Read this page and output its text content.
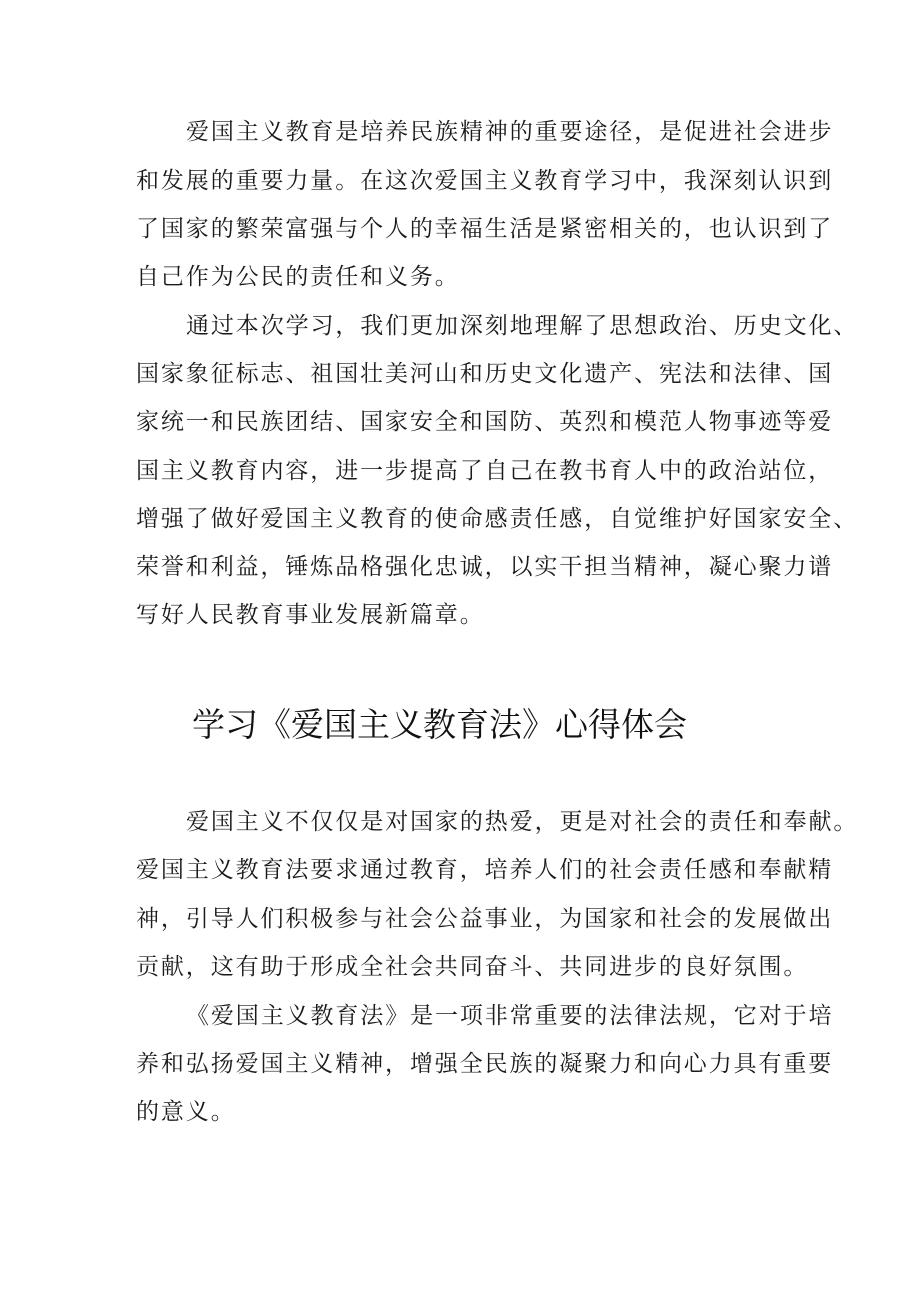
爱国主义教育是培养民族精神的重要途径，是促进社会进步
和发展的重要力量。在这次爱国主义教育学习中，我深刻认识到
了国家的繁荣富强与个人的幸福生活是紧密相关的，也认识到了
自己作为公民的责任和义务。
通过本次学习，我们更加深刻地理解了思想政治、历史文化、
国家象征标志、祖国壮美河山和历史文化遗产、宪法和法律、国
家统一和民族团结、国家安全和国防、英烈和模范人物事迹等爱
国主义教育内容，进一步提高了自己在教书育人中的政治站位，
增强了做好爱国主义教育的使命感责任感，自觉维护好国家安全、
荣誉和利益，锤炼品格强化忠诚，以实干担当精神，凝心聚力谱
写好人民教育事业发展新篇章。
学习《爱国主义教育法》心得体会
爱国主义不仅仅是对国家的热爱，更是对社会的责任和奉献。
爱国主义教育法要求通过教育，培养人们的社会责任感和奉献精
神，引导人们积极参与社会公益事业，为国家和社会的发展做出
贡献，这有助于形成全社会共同奋斗、共同进步的良好氛围。
《爱国主义教育法》是一项非常重要的法律法规，它对于培
养和弘扬爱国主义精神，增强全民族的凝聚力和向心力具有重要
的意义。
